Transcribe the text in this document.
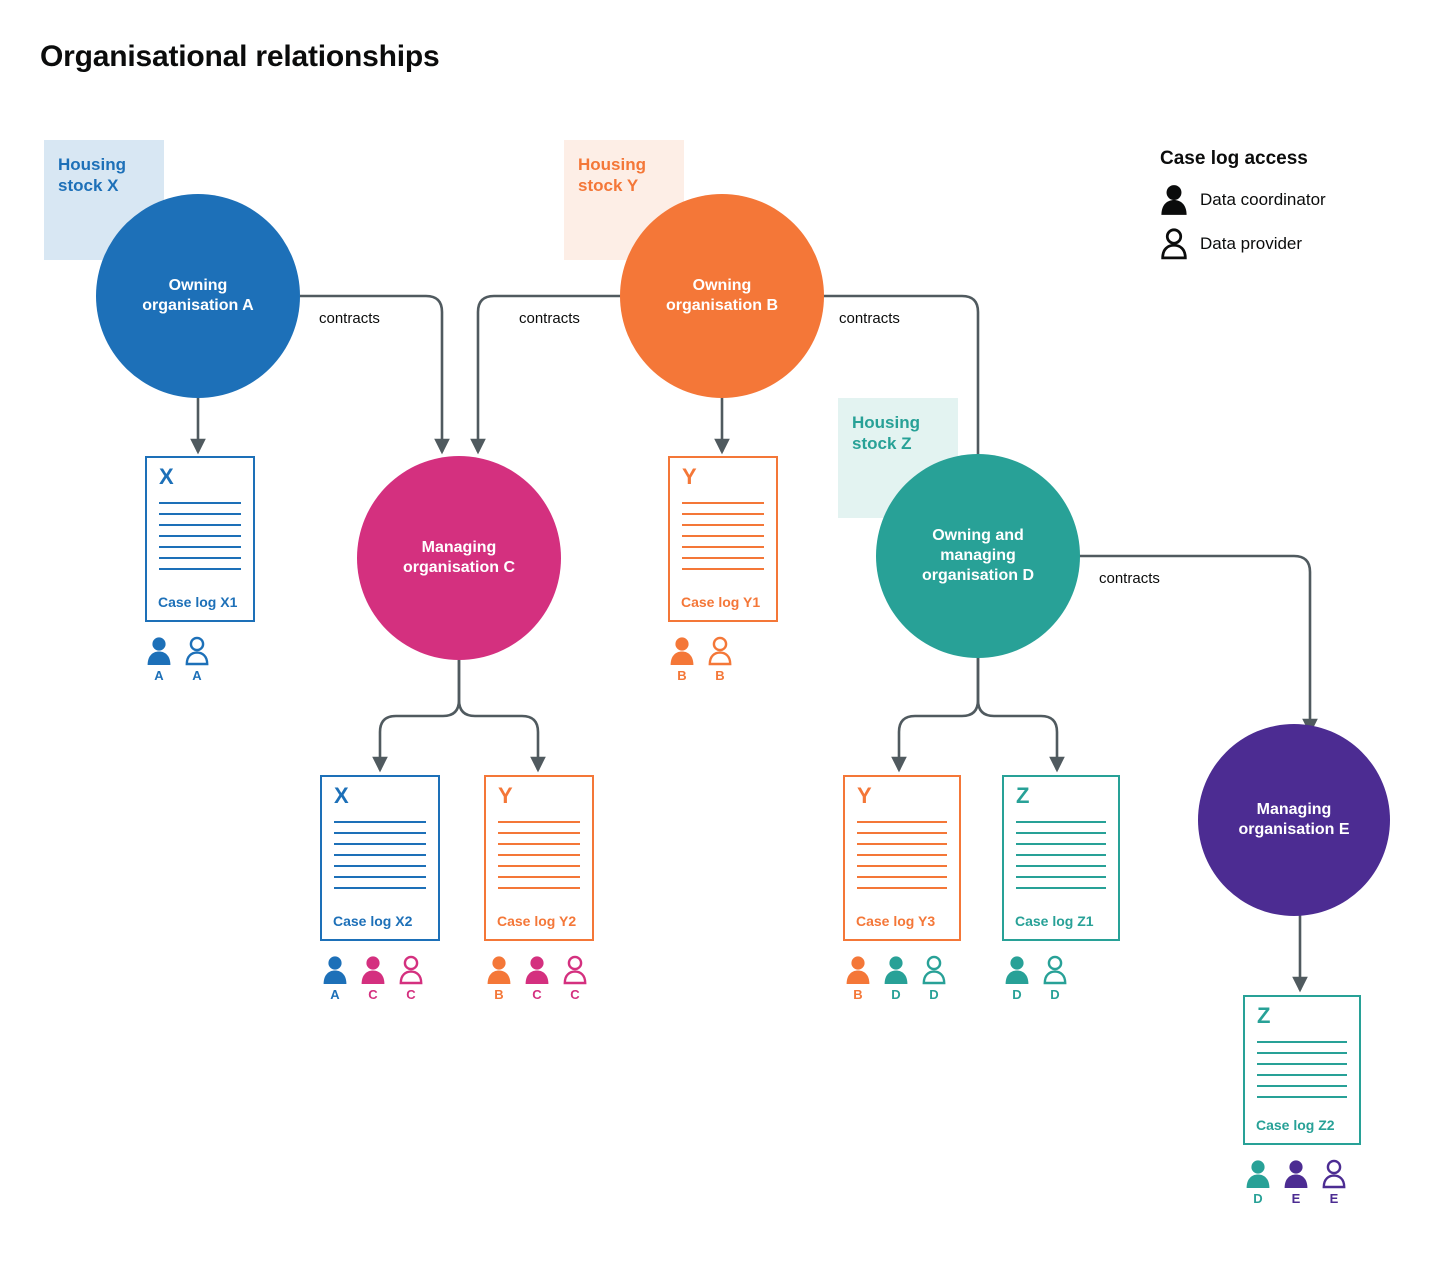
Organisational relationships
Housing
stock X
Housing
stock Y
Housing
stock Z
Owning
organisation A
Owning
organisation B
Managing
organisation C
Owning and
managing
organisation D
Managing
organisation E
contracts	contracts	contracts
contracts
X
Case log X1
A	A
Y
Case log Y1
B	B
X
Case log X2
A	C	C
Y
Case log Y2
B	C	C
Y
Case log Y3
B	D	D
Z
Case log Z1
D	D
Z
Case log Z2
D	E	E
Case log access
Data coordinator
Data provider
